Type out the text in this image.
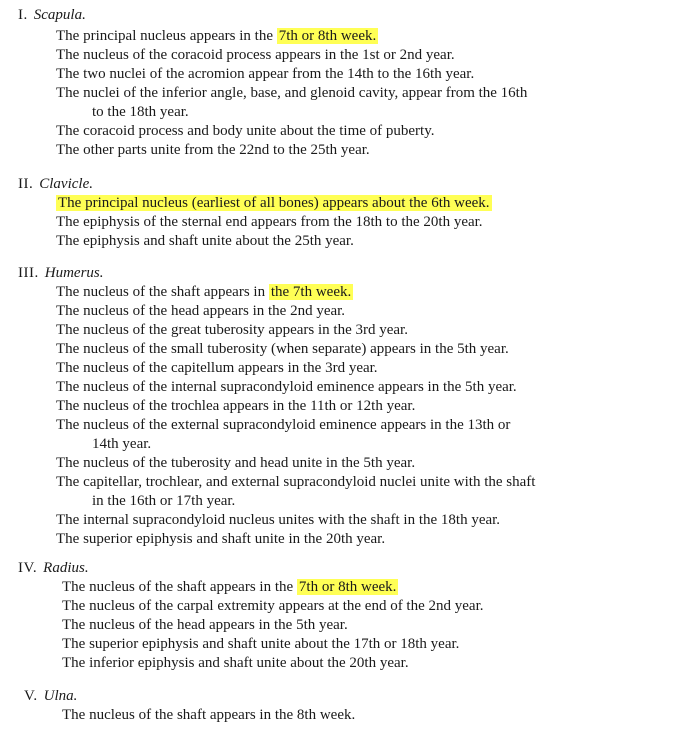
I. Scapula.
The principal nucleus appears in the 7th or 8th week.
The nucleus of the coracoid process appears in the 1st or 2nd year.
The two nuclei of the acromion appear from the 14th to the 16th year.
The nuclei of the inferior angle, base, and glenoid cavity, appear from the 16th
to the 18th year.
The coracoid process and body unite about the time of puberty.
The other parts unite from the 22nd to the 25th year.
II. Clavicle.
The principal nucleus (earliest of all bones) appears about the 6th week.
The epiphysis of the sternal end appears from the 18th to the 20th year.
The epiphysis and shaft unite about the 25th year.
III. Humerus.
The nucleus of the shaft appears in the 7th week.
The nucleus of the head appears in the 2nd year.
The nucleus of the great tuberosity appears in the 3rd year.
The nucleus of the small tuberosity (when separate) appears in the 5th year.
The nucleus of the capitellum appears in the 3rd year.
The nucleus of the internal supracondyloid eminence appears in the 5th year.
The nucleus of the trochlea appears in the 11th or 12th year.
The nucleus of the external supracondyloid eminence appears in the 13th or
14th year.
The nucleus of the tuberosity and head unite in the 5th year.
The capitellar, trochlear, and external supracondyloid nuclei unite with the shaft
in the 16th or 17th year.
The internal supracondyloid nucleus unites with the shaft in the 18th year.
The superior epiphysis and shaft unite in the 20th year.
IV. Radius.
The nucleus of the shaft appears in the 7th or 8th week.
The nucleus of the carpal extremity appears at the end of the 2nd year.
The nucleus of the head appears in the 5th year.
The superior epiphysis and shaft unite about the 17th or 18th year.
The inferior epiphysis and shaft unite about the 20th year.
V. Ulna.
The nucleus of the shaft appears in the 8th week.
